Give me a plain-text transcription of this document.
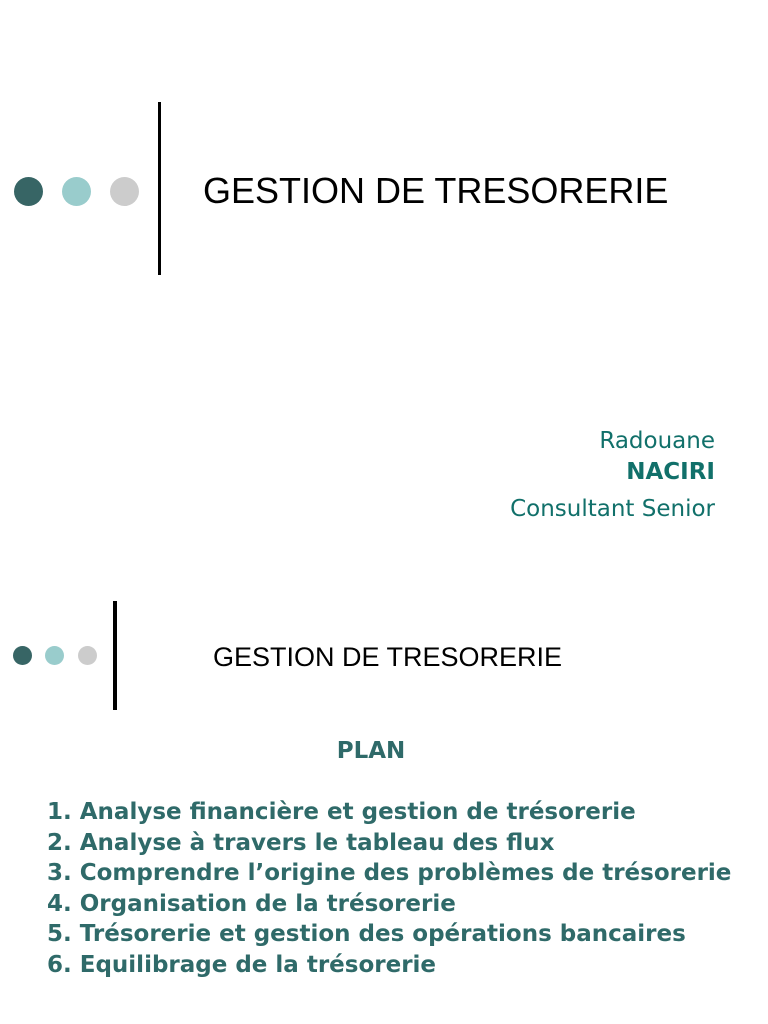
GESTION DE TRESORERIE
Radouane
NACIRI
Consultant Senior
GESTION DE TRESORERIE
PLAN
1. Analyse financière et gestion de trésorerie
2. Analyse à travers le tableau des flux
3. Comprendre l’origine des problèmes de trésorerie
4. Organisation de la trésorerie
5. Trésorerie et gestion des opérations bancaires
6. Equilibrage de la trésorerie
